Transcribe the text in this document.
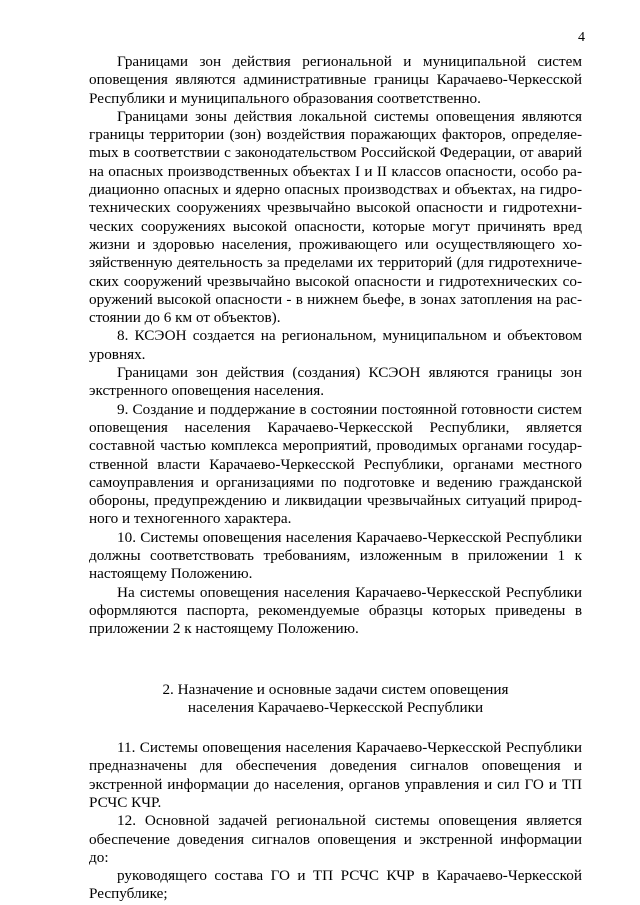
4

Границами зон действия региональной и муниципальной систем оповещения являются административные границы Карачаево-Черкесской Республики и муниципального образования соответственно.

Границами зоны действия локальной системы оповещения являются границы территории (зон) воздействия поражающих факторов, определяеmых в соответствии с законодательством Российской Федерации, от аварий на опасных производственных объектах I и II классов опасности, особо радиационно опасных и ядерно опасных производствах и объектах, на гидротехнических сооружениях чрезвычайно высокой опасности и гидротехнических сооружениях высокой опасности, которые могут причинять вред жизни и здоровью населения, проживающего или осуществляющего хозяйственную деятельность за пределами их территорий (для гидротехнических сооружений чрезвычайно высокой опасности и гидротехнических сооружений высокой опасности - в нижнем бьефе, в зонах затопления на расстоянии до 6 км от объектов).

8. КСЭОН создается на региональном, муниципальном и объектовом уровнях.

Границами зон действия (создания) КСЭОН являются границы зон экстренного оповещения населения.

9. Создание и поддержание в состоянии постоянной готовности систем оповещения населения Карачаево-Черкесской Республики, является составной частью комплекса мероприятий, проводимых органами государственной власти Карачаево-Черкесской Республики, органами местного самоуправления и организациями по подготовке и ведению гражданской обороны, предупреждению и ликвидации чрезвычайных ситуаций природного и техногенного характера.

10. Системы оповещения населения Карачаево-Черкесской Республики должны соответствовать требованиям, изложенным в приложении 1 к настоящему Положению.

На системы оповещения населения Карачаево-Черкесской Республики оформляются паспорта, рекомендуемые образцы которых приведены в приложении 2 к настоящему Положению.

2. Назначение и основные задачи систем оповещения
населения Карачаево-Черкесской Республики

11. Системы оповещения населения Карачаево-Черкесской Республики предназначены для обеспечения доведения сигналов оповещения и экстренной информации до населения, органов управления и сил ГО и ТП РСЧС КЧР.

12. Основной задачей региональной системы оповещения является обеспечение доведения сигналов оповещения и экстренной информации до:

руководящего состава ГО и ТП РСЧС КЧР в Карачаево-Черкесской Республике;
